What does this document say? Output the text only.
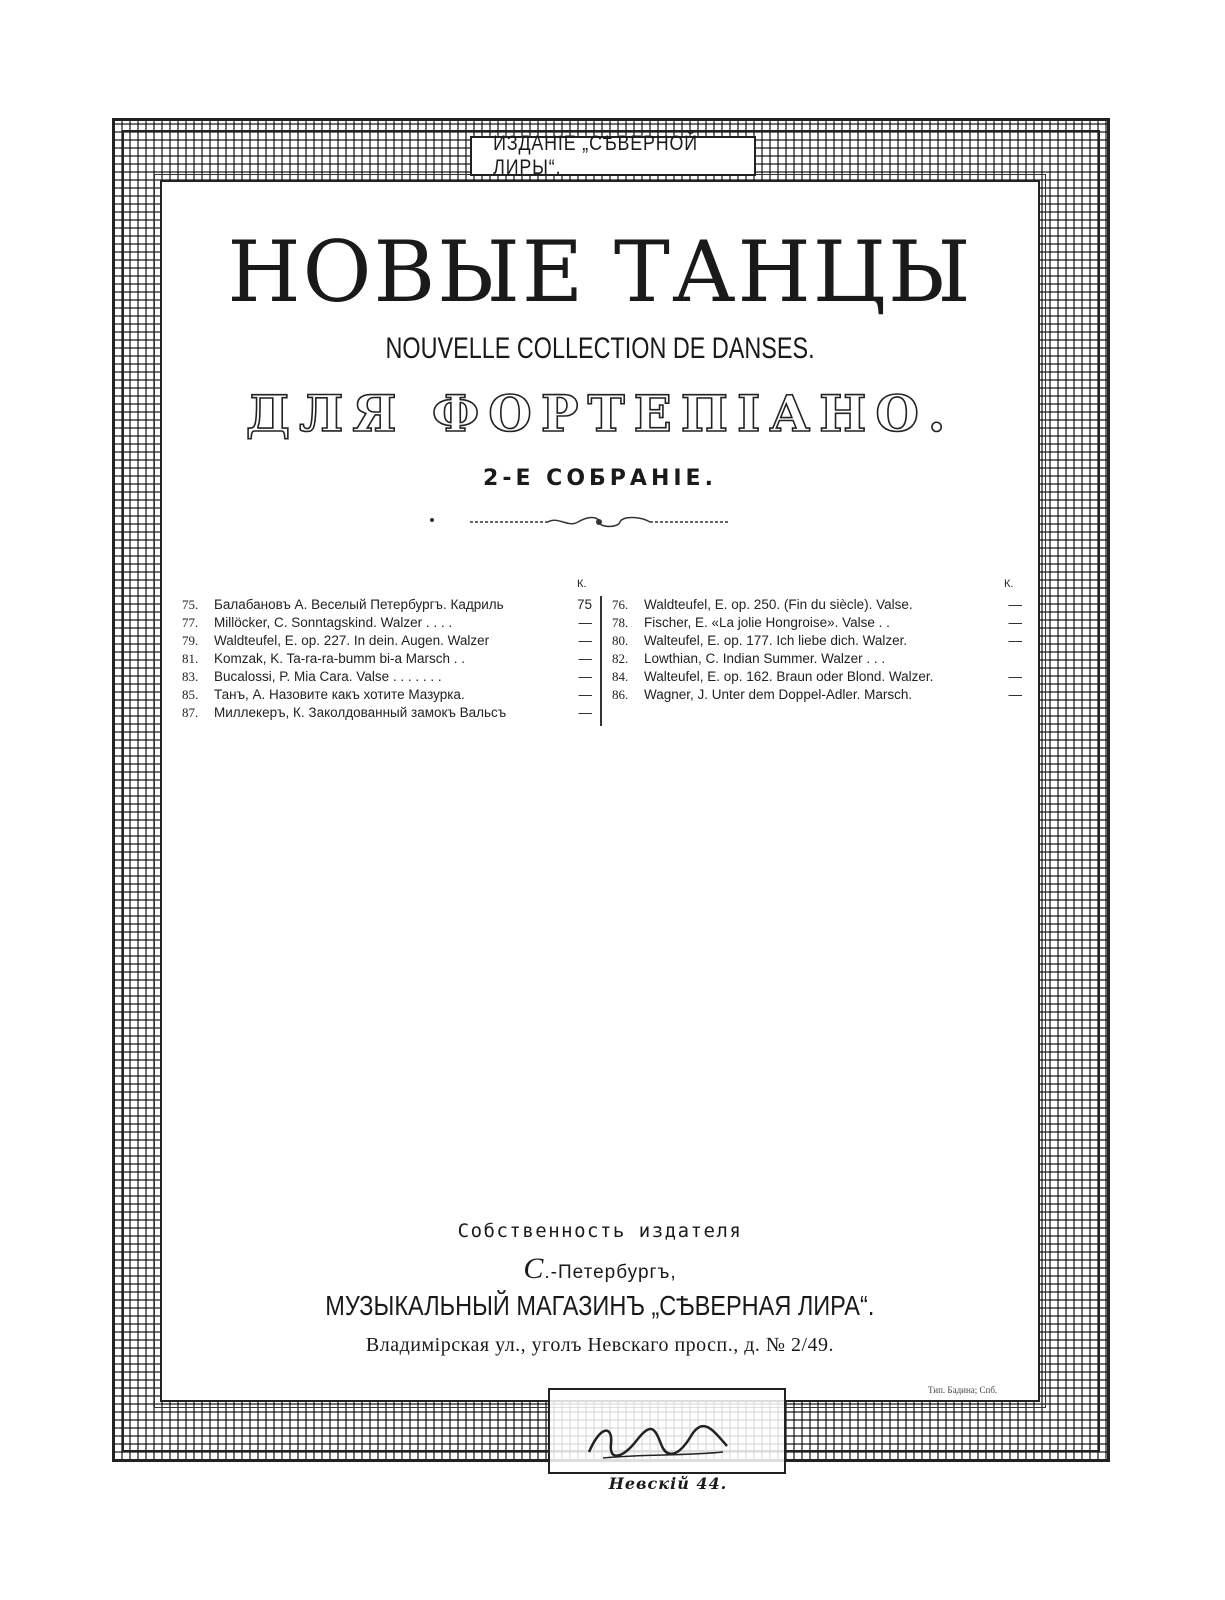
ИЗДАНІЕ „СѢВЕРНОЙ ЛИРЫ“.
НОВЫЕ ТАНЦЫ
NOUVELLE COLLECTION DE DANSES.
ДЛЯ ФОРТЕПІАНО.
2-Е СОБРАНІЕ.
К.
75.	Балабановъ А. Веселый Петербургъ. Кадриль	75
77.	Millöcker, C. Sonntagskind. Walzer . . . .	—
79.	Waldteufel, E. op. 227. In dein. Augen. Walzer	—
81.	Komzak, K. Ta-ra-ra-bumm bi-a Marsch . .	—
83.	Bucalossi, P. Mia Cara. Valse . . . . . . .	—
85.	Танъ, А. Назовите какъ хотите Мазурка.	—
87.	Миллекеръ, К. Заколдованный замокъ Вальсъ	—
К.
76.	Waldteufel, E. op. 250. (Fin du siècle). Valse.	—
78.	Fischer, E. «La jolie Hongroise». Valse . .	—
80.	Walteufel, E. op. 177. Ich liebe dich. Walzer.	—
82.	Lowthian, C. Indian Summer. Walzer . . .
84.	Walteufel, E. op. 162. Braun oder Blond. Walzer.	—
86.	Wagner, J. Unter dem Doppel-Adler. Marsch.	—
Собственность издателя
С.-Петербургъ,
МУЗЫКАЛЬНЫЙ МАГАЗИНЪ „СѢВЕРНАЯ ЛИРА“.
Владимірская ул., уголъ Невскаго просп., д. № 2/49.
Тип. Бадина; Спб.
Невскій 44.
